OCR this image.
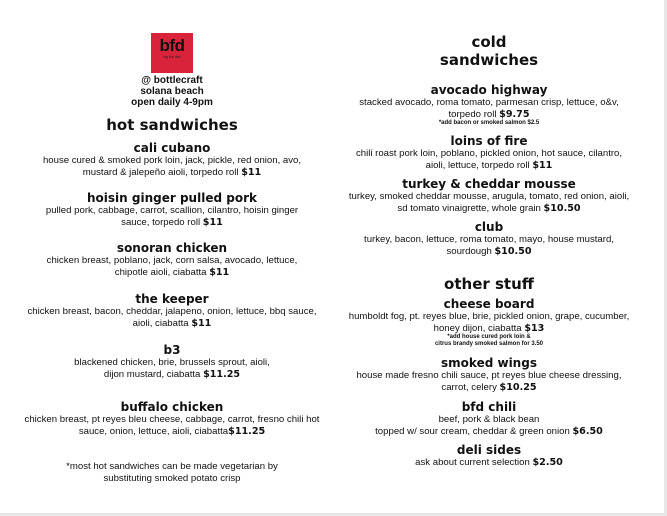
bfd
big fun deli
@ bottlecraft
solana beach
open daily 4-9pm
hot sandwiches
cali cubano
house cured & smoked pork loin, jack, pickle, red onion, avo, mustard & jalepeño aioli, torpedo roll $11
hoisin ginger pulled pork
pulled pork, cabbage, carrot, scallion, cilantro, hoisin ginger sauce, torpedo roll $11
sonoran chicken
chicken breast, poblano, jack, corn salsa, avocado, lettuce, chipotle aioli, ciabatta $11
the keeper
chicken breast, bacon, cheddar, jalapeno, onion, lettuce, bbq sauce, aioli, ciabatta $11
b3
blackened chicken, brie, brussels sprout, aioli, dijon mustard, ciabatta $11.25
buffalo chicken
chicken breast, pt reyes bleu cheese, cabbage, carrot, fresno chili hot sauce, onion, lettuce, aioli, ciabatta$11.25
*most hot sandwiches can be made vegetarian by substituting smoked potato crisp
cold
sandwiches
avocado highway
stacked avocado, roma tomato, parmesan crisp, lettuce, o&v, torpedo roll $9.75
*add bacon or smoked salmon $2.5
loins of fire
chili roast pork loin, poblano, pickled onion, hot sauce, cilantro, aioli, lettuce, torpedo roll $11
turkey & cheddar mousse
turkey, smoked cheddar mousse, arugula, tomato, red onion, aioli, sd tomato vinaigrette, whole grain $10.50
club
turkey, bacon, lettuce, roma tomato, mayo, house mustard, sourdough $10.50
other stuff
cheese board
humboldt fog, pt. reyes blue, brie, pickled onion, grape, cucumber, honey dijon, ciabatta $13
*add house cured pork loin &
citrus brandy smoked salmon for 3.50
smoked wings
house made fresno chili sauce, pt reyes blue cheese dressing, carrot, celery $10.25
bfd chili
beef, pork & black bean
topped w/ sour cream, cheddar & green onion $6.50
deli sides
ask about current selection $2.50
